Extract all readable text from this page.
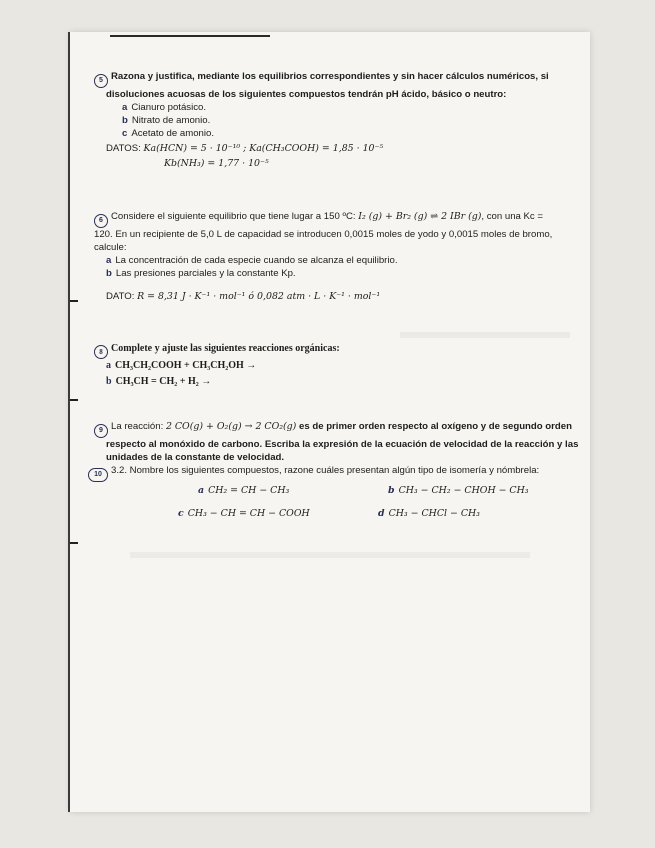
5 Razona y justifica, mediante los equilibrios correspondientes y sin hacer cálculos numéricos, si
disoluciones acuosas de los siguientes compuestos tendrán pH ácido, básico o neutro:
a Cianuro potásico.
b Nitrato de amonio.
c Acetato de amonio.
DATOS: Ka(HCN) = 5 · 10⁻¹⁰ ; Ka(CH₃COOH) = 1,85 · 10⁻⁵
Kb(NH₃) = 1,77 · 10⁻⁵
6 Considere el siguiente equilibrio que tiene lugar a 150 ºC: I₂ (g) + Br₂ (g) ⇌ 2 IBr (g), con una Kc =
120. En un recipiente de 5,0 L de capacidad se introducen 0,0015 moles de yodo y 0,0015 moles de bromo, calcule:
a La concentración de cada especie cuando se alcanza el equilibrio.
b Las presiones parciales y la constante Kp.
DATO: R = 8,31 J · K⁻¹ · mol⁻¹ ó 0,082 atm · L · K⁻¹ · mol⁻¹
8 Complete y ajuste las siguientes reacciones orgánicas:
a CH₃CH₂COOH + CH₃CH₂OH →
b CH₃CH = CH₂ + H₂ →
9 La reacción: 2 CO(g) + O₂(g) → 2 CO₂(g) es de primer orden respecto al oxígeno y de segundo orden
respecto al monóxido de carbono. Escriba la expresión de la ecuación de velocidad de la reacción y las unidades de la constante de velocidad.
10 3.2. Nombre los siguientes compuestos, razone cuáles presentan algún tipo de isomería y nómbrela:
a CH₂ = CH − CH₃	b CH₃ − CH₂ − CHOH − CH₃
c CH₃ − CH = CH − COOH	d CH₃ − CHCl − CH₃
